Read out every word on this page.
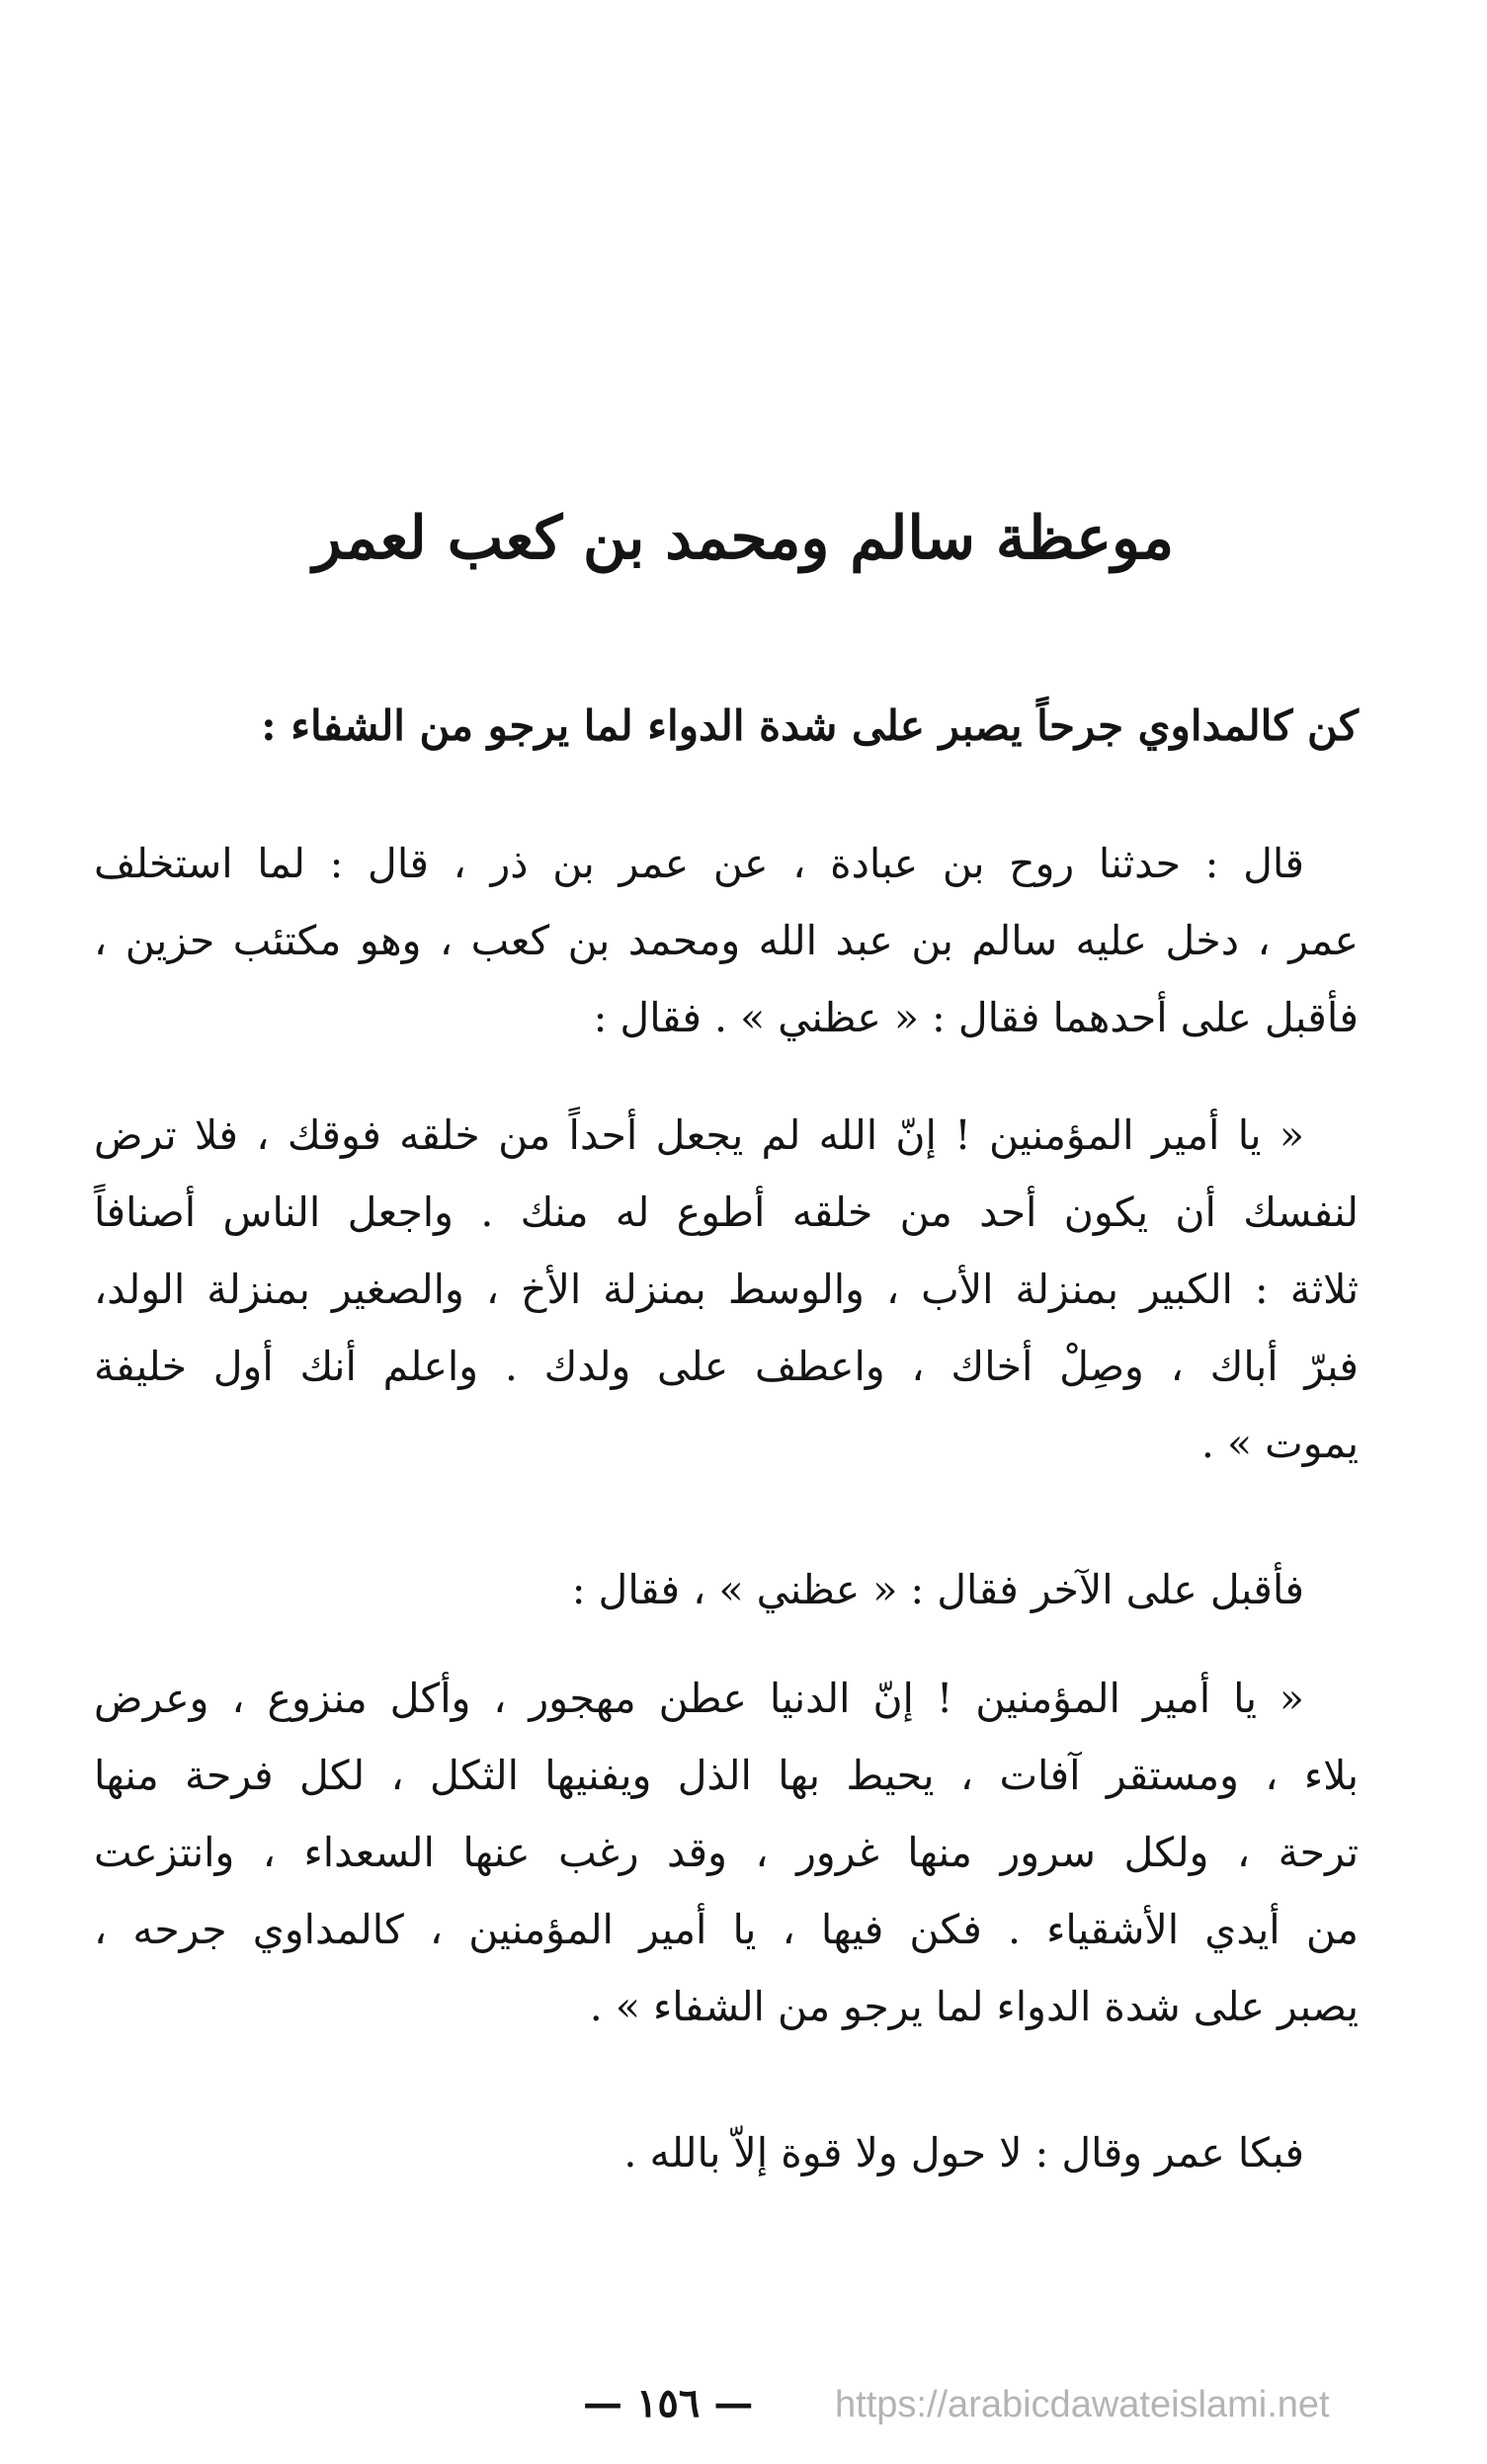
موعظة سالم ومحمد بن كعب لعمر
كن كالمداوي جرحاً يصبر على شدة الدواء لما يرجو من الشفاء :
قال : حدثنا روح بن عبادة ، عن عمر بن ذر ، قال : لما استخلف
عمر ، دخل عليه سالم بن عبد الله ومحمد بن كعب ، وهو مكتئب حزين ،
فأقبل على أحدهما فقال : « عظني » . فقال :
« يا أمير المؤمنين ! إنّ الله لم يجعل أحداً من خلقه فوقك ، فلا ترض
لنفسك أن يكون أحد من خلقه أطوع له منك . واجعل الناس أصنافاً
ثلاثة : الكبير بمنزلة الأب ، والوسط بمنزلة الأخ ، والصغير بمنزلة الولد،
فبرّ أباك ، وصِلْ أخاك ، واعطف على ولدك . واعلم أنك أول خليفة
يموت » .
فأقبل على الآخر فقال : « عظني » ، فقال :
« يا أمير المؤمنين ! إنّ الدنيا عطن مهجور ، وأكل منزوع ، وعرض
بلاء ، ومستقر آفات ، يحيط بها الذل ويفنيها الثكل ، لكل فرحة منها
ترحة ، ولكل سرور منها غرور ، وقد رغب عنها السعداء ، وانتزعت
من أيدي الأشقياء . فكن فيها ، يا أمير المؤمنين ، كالمداوي جرحه ،
يصبر على شدة الدواء لما يرجو من الشفاء » .
فبكا عمر وقال : لا حول ولا قوة إلاّ بالله .
— ١٥٦ — https://arabicdawateislami.net
